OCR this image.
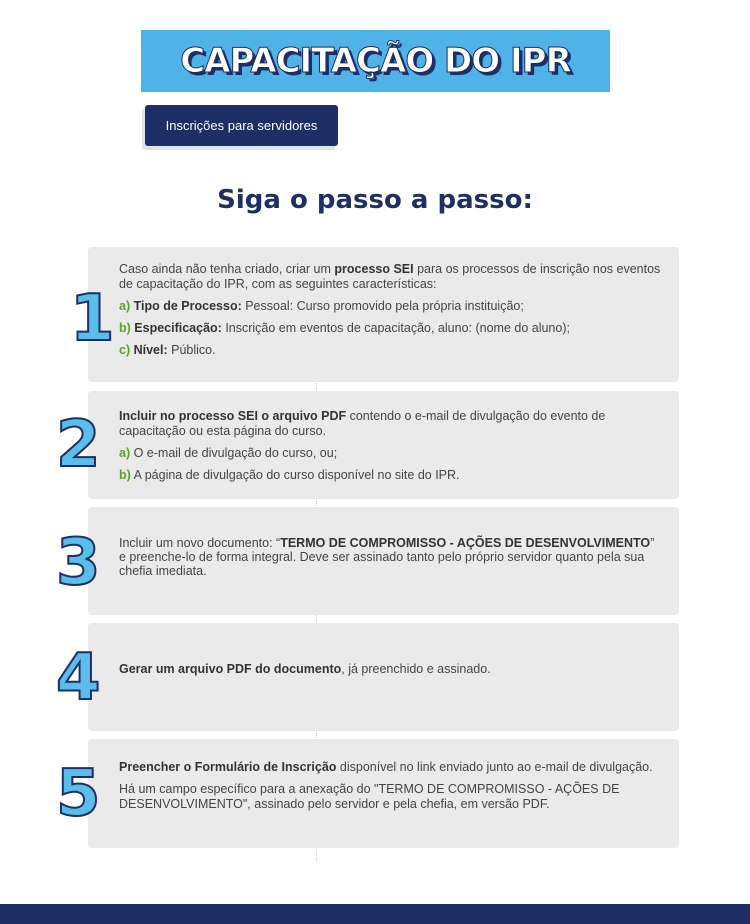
CAPACITAÇÃO DO IPR
Inscrições para servidores
Siga o passo a passo:
1

Caso ainda não tenha criado, criar um processo SEI para os processos de inscrição nos eventos de capacitação do IPR, com as seguintes características:

a) Tipo de Processo: Pessoal: Curso promovido pela própria instituição;

b) Especificação: Inscrição em eventos de capacitação, aluno: (nome do aluno);

c) Nível: Público.

2 Incluir no processo SEI o arquivo PDF contendo o e-mail de divulgação do evento de capacitação ou esta página do curso.

a) O e-mail de divulgação do curso, ou;

b) A página de divulgação do curso disponível no site do IPR.

3 Incluir um novo documento: “TERMO DE COMPROMISSO - AÇÕES DE DESENVOLVIMENTO” e preenche-lo de forma integral. Deve ser assinado tanto pelo próprio servidor quanto pela sua chefia imediata.

4 Gerar um arquivo PDF do documento, já preenchido e assinado.

5 Preencher o Formulário de Inscrição disponível no link enviado junto ao e-mail de divulgação.

Há um campo específico para a anexação do "TERMO DE COMPROMISSO - AÇÕES DE DESENVOLVIMENTO", assinado pelo servidor e pela chefia, em versão PDF.
